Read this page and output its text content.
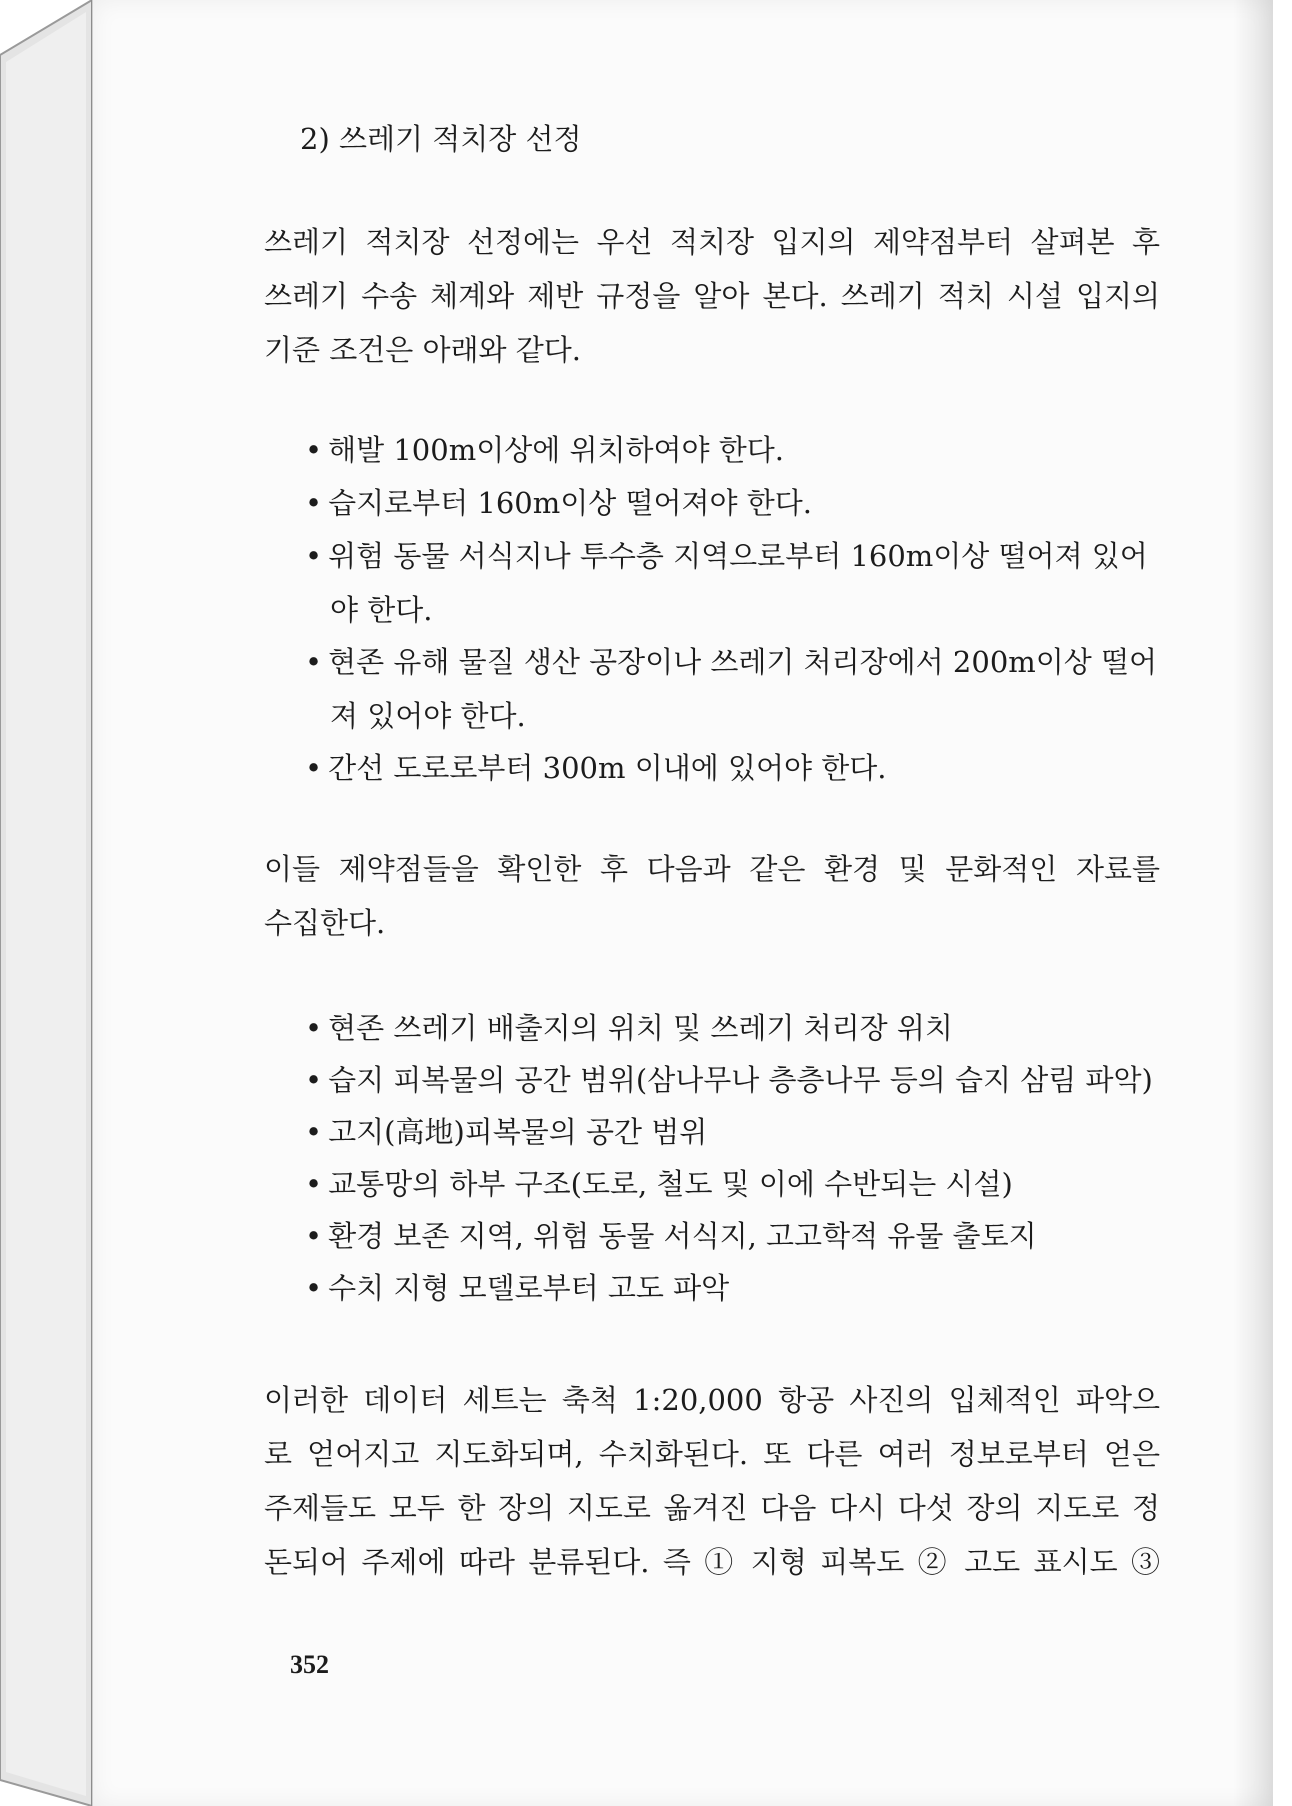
2) 쓰레기 적치장 선정
쓰레기 적치장 선정에는 우선 적치장 입지의 제약점부터 살펴본 후
쓰레기 수송 체계와 제반 규정을 알아 본다. 쓰레기 적치 시설 입지의
기준 조건은 아래와 같다.
• 해발 100m이상에 위치하여야 한다.
• 습지로부터 160m이상 떨어져야 한다.
• 위험 동물 서식지나 투수층 지역으로부터 160m이상 떨어져 있어
야 한다.
• 현존 유해 물질 생산 공장이나 쓰레기 처리장에서 200m이상 떨어
져 있어야 한다.
• 간선 도로로부터 300m 이내에 있어야 한다.
이들 제약점들을 확인한 후 다음과 같은 환경 및 문화적인 자료를
수집한다.
• 현존 쓰레기 배출지의 위치 및 쓰레기 처리장 위치
• 습지 피복물의 공간 범위(삼나무나 층층나무 등의 습지 삼림 파악)
• 고지(高地)피복물의 공간 범위
• 교통망의 하부 구조(도로, 철도 및 이에 수반되는 시설)
• 환경 보존 지역, 위험 동물 서식지, 고고학적 유물 출토지
• 수치 지형 모델로부터 고도 파악
이러한 데이터 세트는 축척 1:20,000 항공 사진의 입체적인 파악으
로 얻어지고 지도화되며, 수치화된다. 또 다른 여러 정보로부터 얻은
주제들도 모두 한 장의 지도로 옮겨진 다음 다시 다섯 장의 지도로 정
돈되어 주제에 따라 분류된다. 즉 ① 지형 피복도 ② 고도 표시도 ③
352
